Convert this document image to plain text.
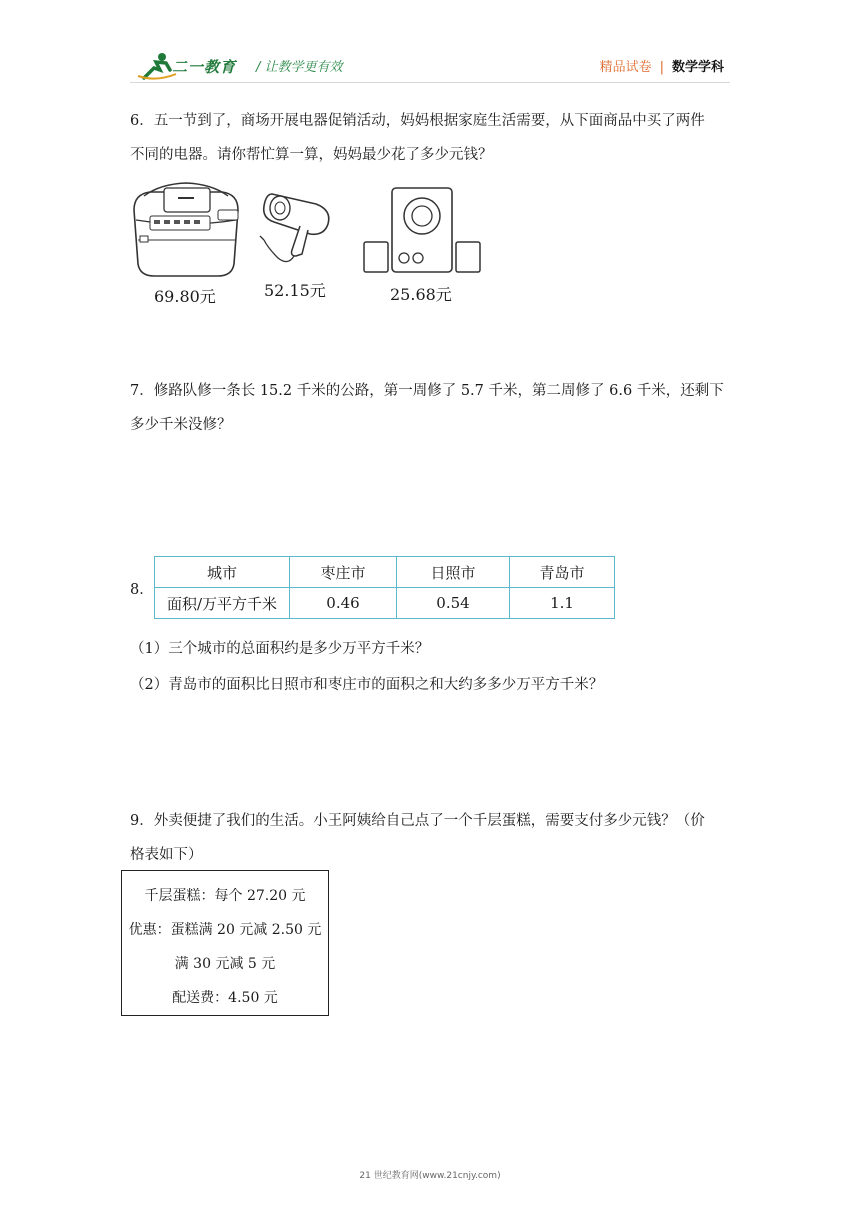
二一教育 / 让教学更有效	精品试卷 | 数学学科
6．五一节到了，商场开展电器促销活动，妈妈根据家庭生活需要，从下面商品中买了两件
不同的电器。请你帮忙算一算，妈妈最少花了多少元钱？
69.80元	52.15元	25.68元
7．修路队修一条长 15.2 千米的公路，第一周修了 5.7 千米，第二周修了 6.6 千米，还剩下
多少千米没修？
8．
城市	枣庄市	日照市	青岛市
面积/万平方千米	0.46	0.54	1.1
（1）三个城市的总面积约是多少万平方千米？
（2）青岛市的面积比日照市和枣庄市的面积之和大约多多少万平方千米？
9．外卖便捷了我们的生活。小王阿姨给自己点了一个千层蛋糕，需要支付多少元钱？（价
格表如下）
千层蛋糕：每个 27.20 元
优惠：蛋糕满 20 元减 2.50 元
满 30 元减 5 元
配送费：4.50 元
21 世纪教育网(www.21cnjy.com)
